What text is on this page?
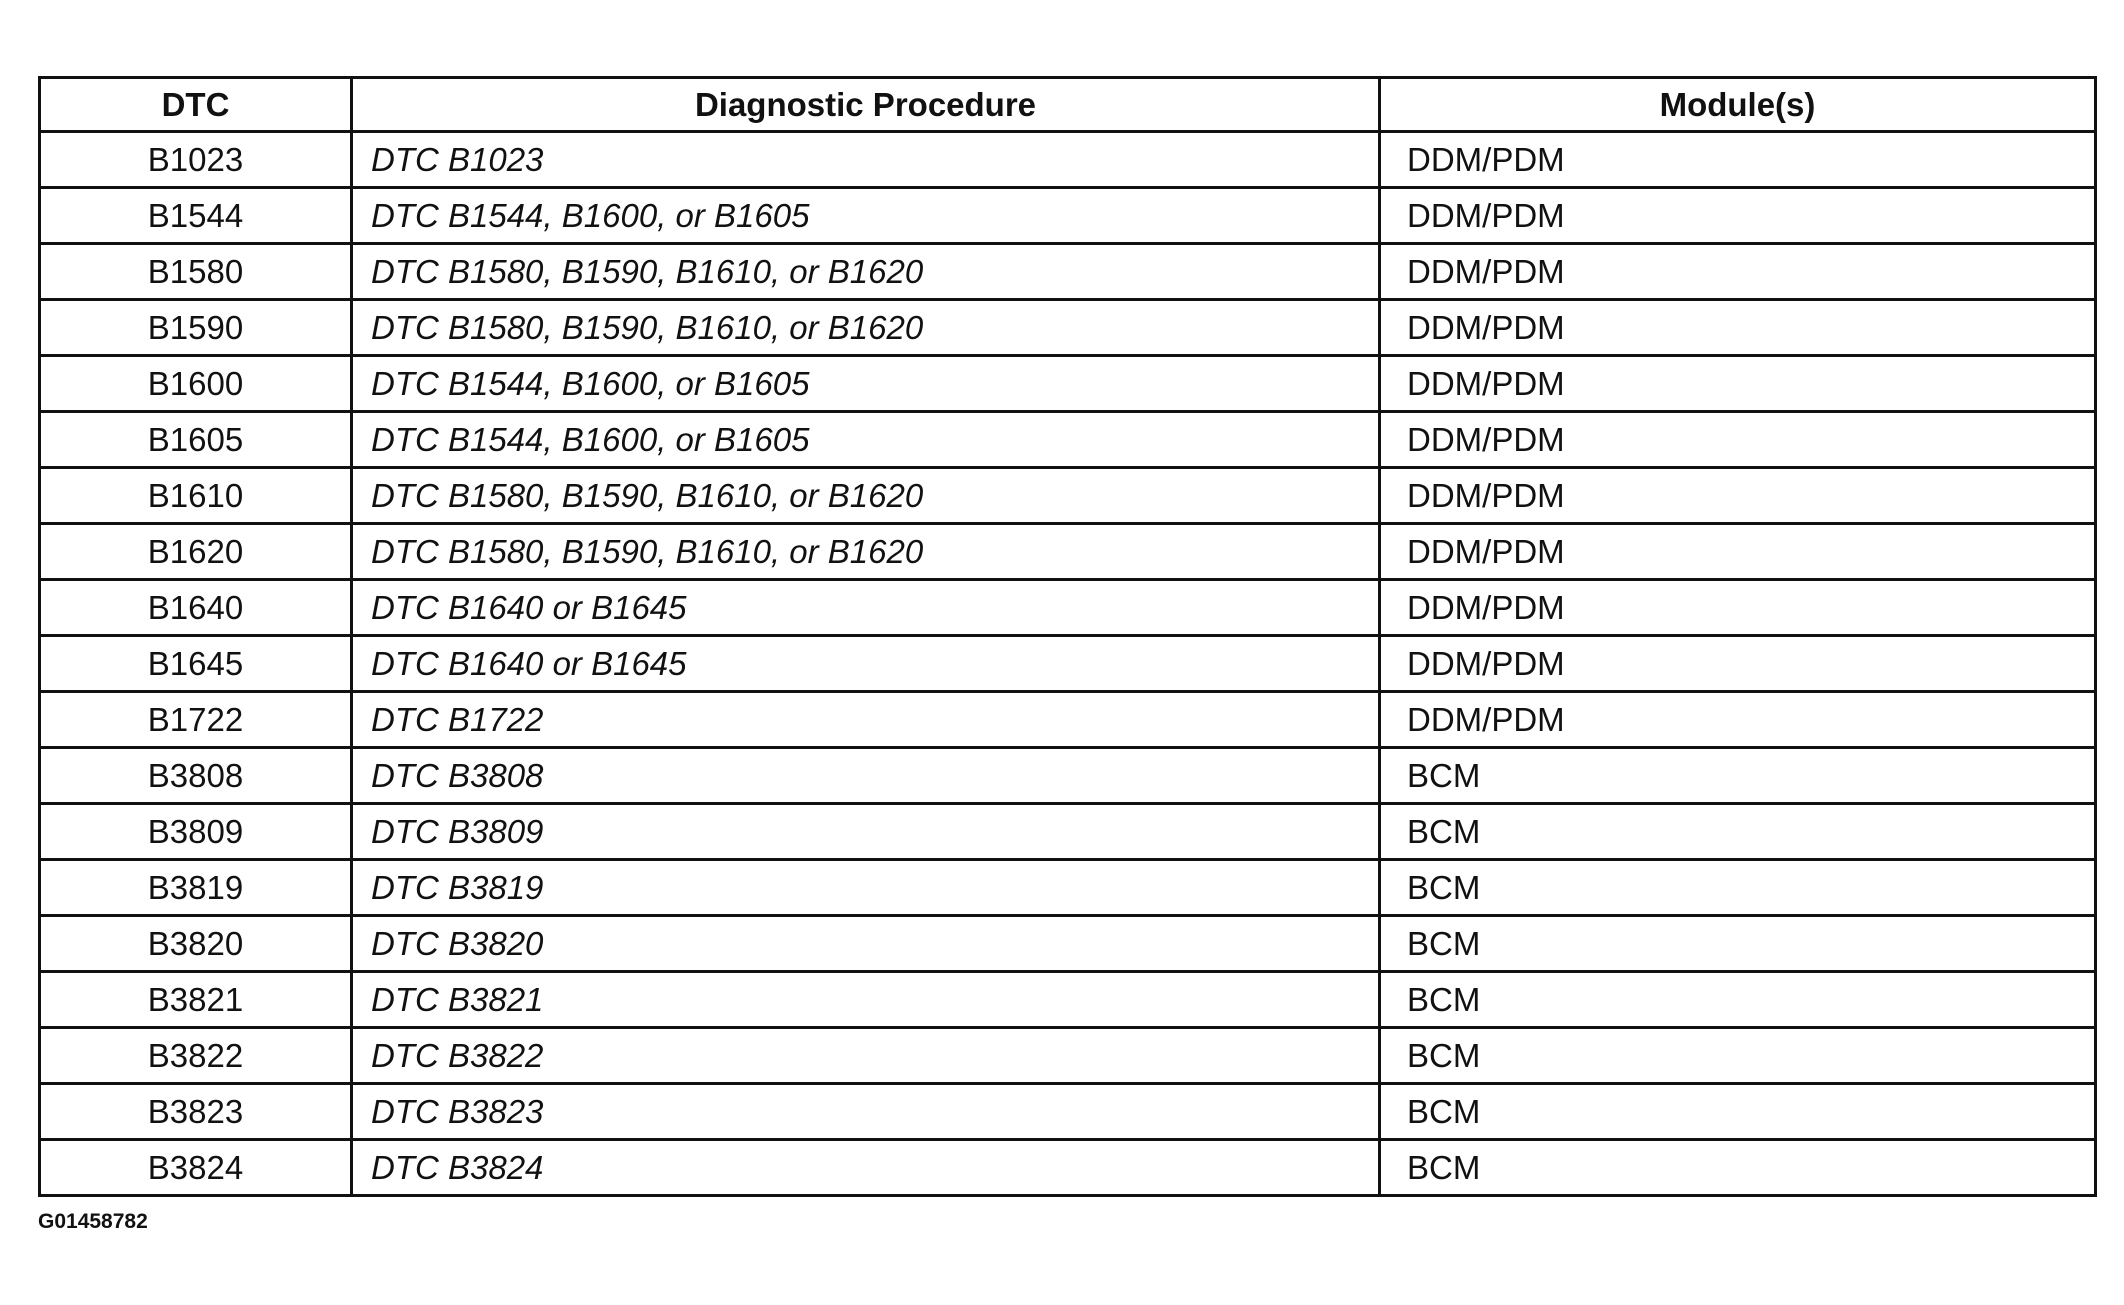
DTC	Diagnostic Procedure	Module(s)
B1023	DTC B1023	DDM/PDM
B1544	DTC B1544, B1600, or B1605	DDM/PDM
B1580	DTC B1580, B1590, B1610, or B1620	DDM/PDM
B1590	DTC B1580, B1590, B1610, or B1620	DDM/PDM
B1600	DTC B1544, B1600, or B1605	DDM/PDM
B1605	DTC B1544, B1600, or B1605	DDM/PDM
B1610	DTC B1580, B1590, B1610, or B1620	DDM/PDM
B1620	DTC B1580, B1590, B1610, or B1620	DDM/PDM
B1640	DTC B1640 or B1645	DDM/PDM
B1645	DTC B1640 or B1645	DDM/PDM
B1722	DTC B1722	DDM/PDM
B3808	DTC B3808	BCM
B3809	DTC B3809	BCM
B3819	DTC B3819	BCM
B3820	DTC B3820	BCM
B3821	DTC B3821	BCM
B3822	DTC B3822	BCM
B3823	DTC B3823	BCM
B3824	DTC B3824	BCM
G01458782
